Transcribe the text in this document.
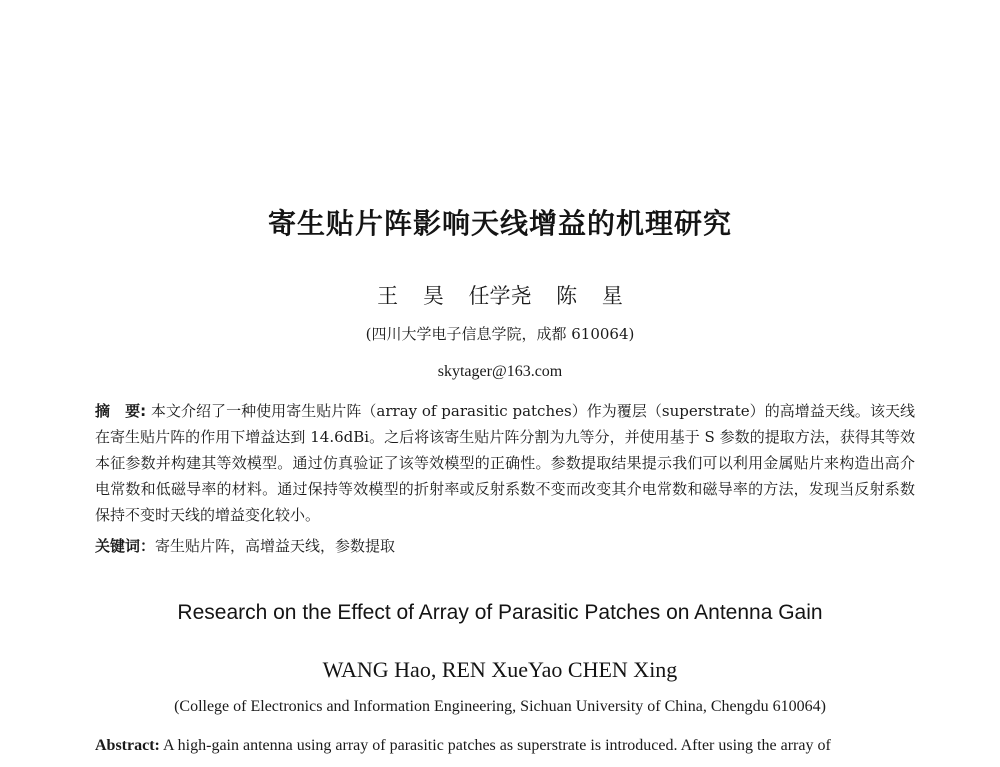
寄生贴片阵影响天线增益的机理研究
王 昊 任学尧 陈 星
(四川大学电子信息学院，成都 610064)
skytager@163.com

摘　要: 本文介绍了一种使用寄生贴片阵（array of parasitic patches）作为覆层（superstrate）的高增益天线。该天线在寄生贴片阵的作用下增益达到 14.6dBi。之后将该寄生贴片阵分割为九等分，并使用基于 S 参数的提取方法，获得其等效本征参数并构建其等效模型。通过仿真验证了该等效模型的正确性。参数提取结果提示我们可以利用金属贴片来构造出高介电常数和低磁导率的材料。通过保持等效模型的折射率或反射系数不变而改变其介电常数和磁导率的方法，发现当反射系数保持不变时天线的增益变化较小。

关键词：寄生贴片阵，高增益天线，参数提取

Research on the Effect of Array of Parasitic Patches on Antenna Gain
WANG Hao, REN XueYao CHEN Xing
(College of Electronics and Information Engineering, Sichuan University of China, Chengdu 610064)

Abstract: A high-gain antenna using array of parasitic patches as superstrate is introduced. After using the array of
